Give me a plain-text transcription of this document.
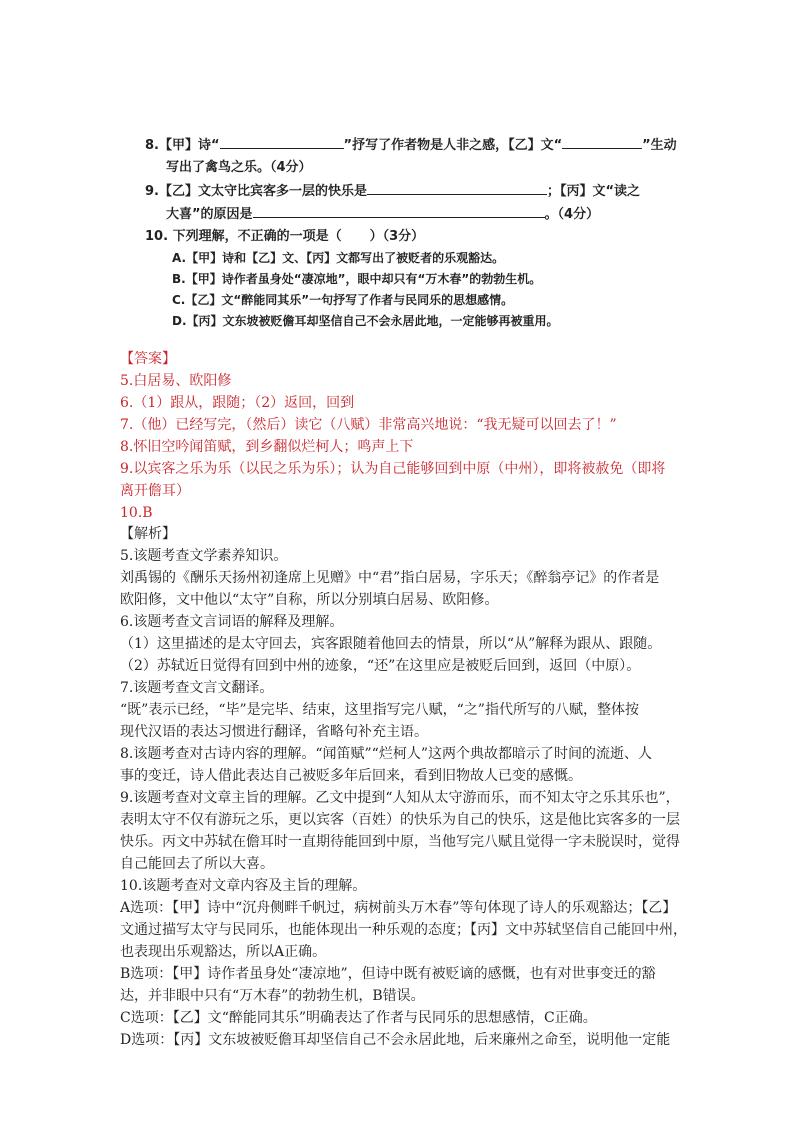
8.【甲】诗“	”抒写了作者物是人非之感，【乙】文“	”生动
写出了禽鸟之乐。（4分）
9.【乙】文太守比宾客多一层的快乐是	；【丙】文“读之
大喜”的原因是	。（4分）
10. 下列理解，不正确的一项是（ ）（3分）
A.【甲】诗和【乙】文、【丙】文都写出了被贬者的乐观豁达。
B.【甲】诗作者虽身处“凄凉地”，眼中却只有“万木春”的勃勃生机。
C.【乙】文“醉能同其乐”一句抒写了作者与民同乐的思想感情。
D.【丙】文东坡被贬儋耳却坚信自己不会永居此地，一定能够再被重用。
【答案】
5.白居易、欧阳修
6.（1）跟从，跟随；（2）返回，回到
7.（他）已经写完，（然后）读它（八赋）非常高兴地说：“我无疑可以回去了！”
8.怀旧空吟闻笛赋，到乡翻似烂柯人；鸣声上下
9.以宾客之乐为乐（以民之乐为乐）；认为自己能够回到中原（中州），即将被赦免（即将
离开儋耳）
10.B
【解析】
5.该题考查文学素养知识。
刘禹锡的《酬乐天扬州初逢席上见赠》中“君”指白居易，字乐天；《醉翁亭记》的作者是
欧阳修，文中他以“太守”自称，所以分别填白居易、欧阳修。
6.该题考查文言词语的解释及理解。
（1）这里描述的是太守回去，宾客跟随着他回去的情景，所以“从”解释为跟从、跟随。
（2）苏轼近日觉得有回到中州的迹象，“还”在这里应是被贬后回到，返回（中原）。
7.该题考查文言文翻译。
“既”表示已经，“毕”是完毕、结束，这里指写完八赋，“之”指代所写的八赋，整体按
现代汉语的表达习惯进行翻译，省略句补充主语。
8.该题考查对古诗内容的理解。“闻笛赋”“烂柯人”这两个典故都暗示了时间的流逝、人
事的变迁，诗人借此表达自己被贬多年后回来，看到旧物故人已变的感慨。
9.该题考查对文章主旨的理解。乙文中提到“人知从太守游而乐，而不知太守之乐其乐也”，
表明太守不仅有游玩之乐，更以宾客（百姓）的快乐为自己的快乐，这是他比宾客多的一层
快乐。丙文中苏轼在儋耳时一直期待能回到中原，当他写完八赋且觉得一字未脱误时，觉得
自己能回去了所以大喜。
10.该题考查对文章内容及主旨的理解。
A选项：【甲】诗中“沉舟侧畔千帆过，病树前头万木春”等句体现了诗人的乐观豁达；【乙】
文通过描写太守与民同乐，也能体现出一种乐观的态度；【丙】文中苏轼坚信自己能回中州，
也表现出乐观豁达，所以A正确。
B选项：【甲】诗作者虽身处“凄凉地”，但诗中既有被贬谪的感慨，也有对世事变迁的豁
达，并非眼中只有“万木春”的勃勃生机，B错误。
C选项：【乙】文“醉能同其乐”明确表达了作者与民同乐的思想感情，C正确。
D选项：【丙】文东坡被贬儋耳却坚信自己不会永居此地，后来廉州之命至，说明他一定能
